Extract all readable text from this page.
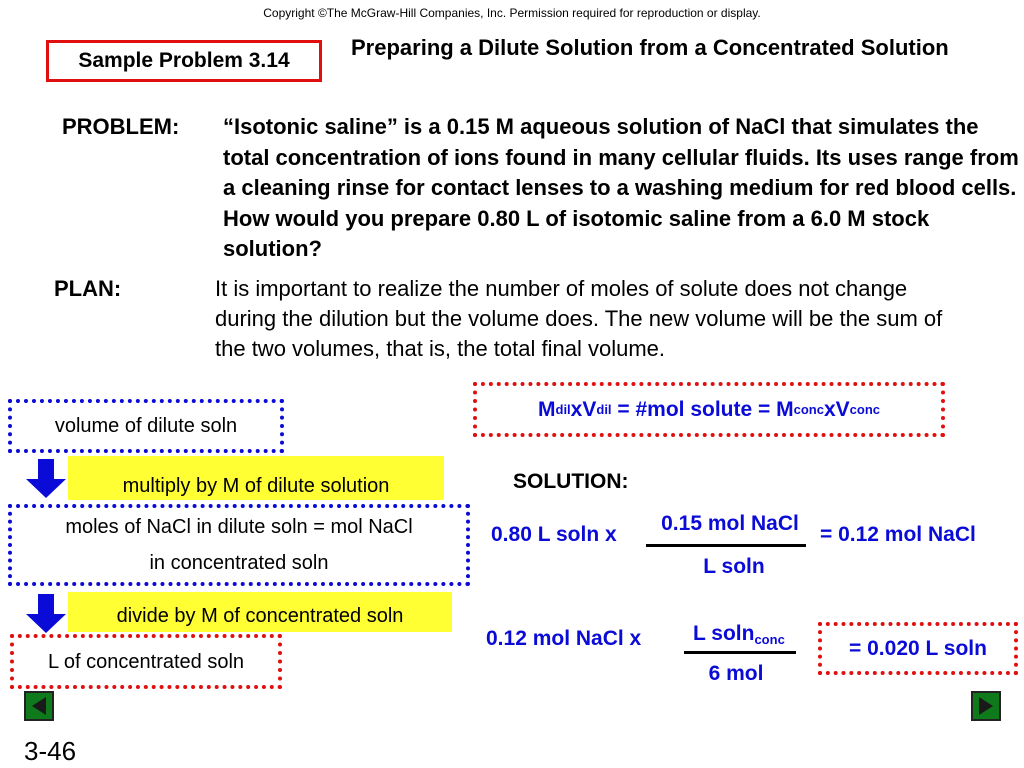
Copyright ©The McGraw-Hill Companies, Inc. Permission required for reproduction or display.
Sample Problem 3.14
Preparing a Dilute Solution from a Concentrated Solution
PROBLEM: “Isotonic saline” is a 0.15 M aqueous solution of NaCl that simulates the total concentration of ions found in many cellular fluids. Its uses range from a cleaning rinse for contact lenses to a washing medium for red blood cells. How would you prepare 0.80 L of isotomic saline from a 6.0 M stock solution?
PLAN:	It is important to realize the number of moles of solute does not change during the dilution but the volume does. The new volume will be the sum of the two volumes, that is, the total final volume.
volume of dilute soln
multiply by M of dilute solution
moles of NaCl in dilute soln = mol NaCl
in concentrated soln
divide by M of concentrated soln
L of concentrated soln
M dil x V dil = #mol solute = M conc x V conc
SOLUTION:
0.80 L soln x	0.15 mol NaCl
L soln
= 0.12 mol NaCl
0.12 mol NaCl x L soln$_{conc}$
6 mol
= 0.020 L soln
3-46
